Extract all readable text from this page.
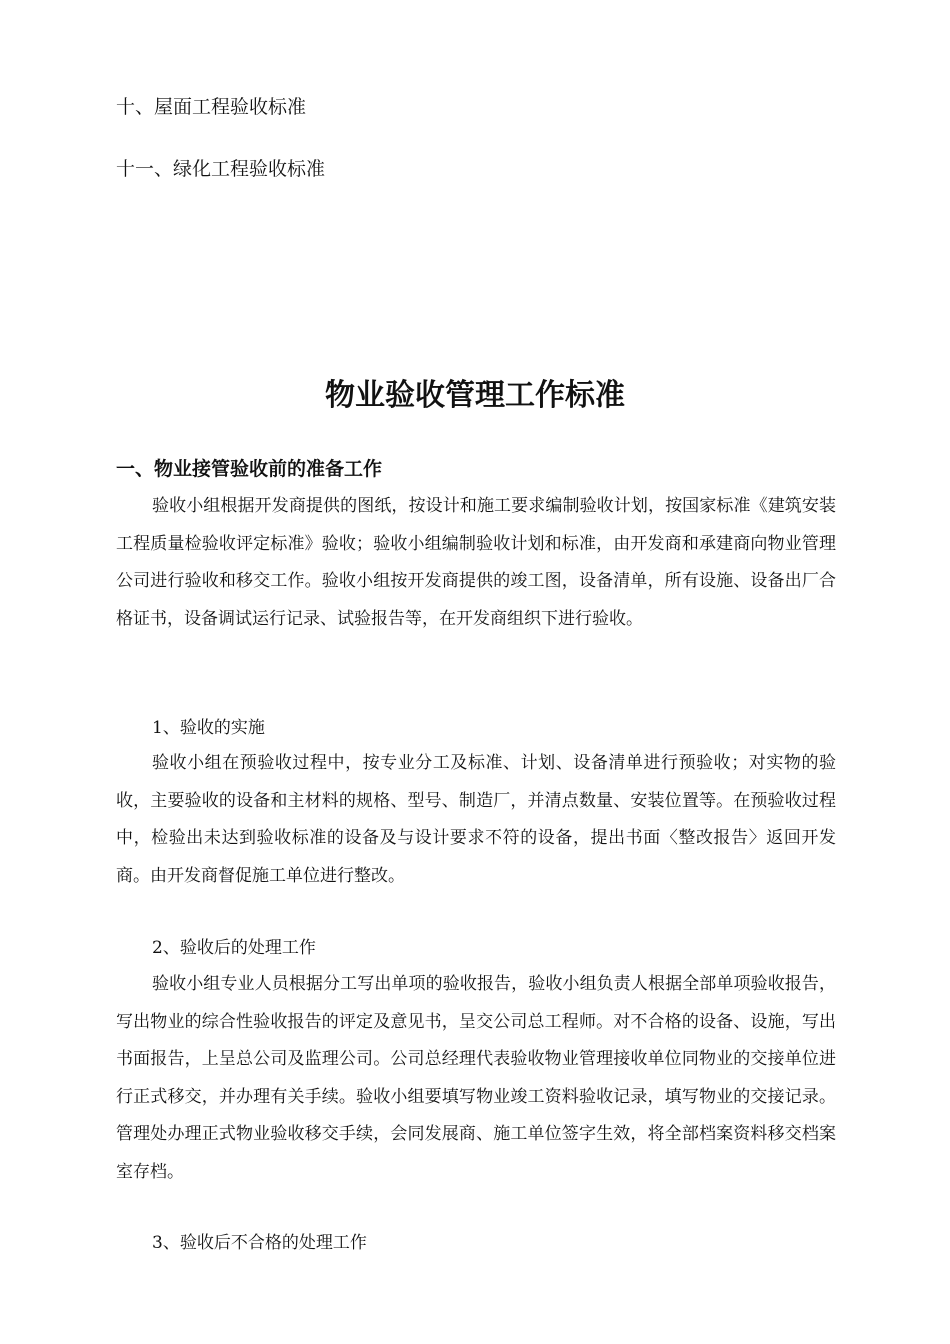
十、屋面工程验收标准
十一、绿化工程验收标准
物业验收管理工作标准
一、物业接管验收前的准备工作

验收小组根据开发商提供的图纸，按设计和施工要求编制验收计划，按国家标准《建筑安装工程质量检验收评定标准》验收；验收小组编制验收计划和标准，由开发商和承建商向物业管理公司进行验收和移交工作。验收小组按开发商提供的竣工图，设备清单，所有设施、设备出厂合格证书，设备调试运行记录、试验报告等，在开发商组织下进行验收。

1、验收的实施

验收小组在预验收过程中，按专业分工及标准、计划、设备清单进行预验收；对实物的验收，主要验收的设备和主材料的规格、型号、制造厂，并清点数量、安装位置等。在预验收过程中，检验出未达到验收标准的设备及与设计要求不符的设备，提出书面〈整改报告〉返回开发商。由开发商督促施工单位进行整改。

2、验收后的处理工作

验收小组专业人员根据分工写出单项的验收报告，验收小组负责人根据全部单项验收报告，写出物业的综合性验收报告的评定及意见书，呈交公司总工程师。对不合格的设备、设施，写出书面报告，上呈总公司及监理公司。公司总经理代表验收物业管理接收单位同物业的交接单位进行正式移交，并办理有关手续。验收小组要填写物业竣工资料验收记录，填写物业的交接记录。管理处办理正式物业验收移交手续，会同发展商、施工单位签字生效，将全部档案资料移交档案室存档。

3、验收后不合格的处理工作
